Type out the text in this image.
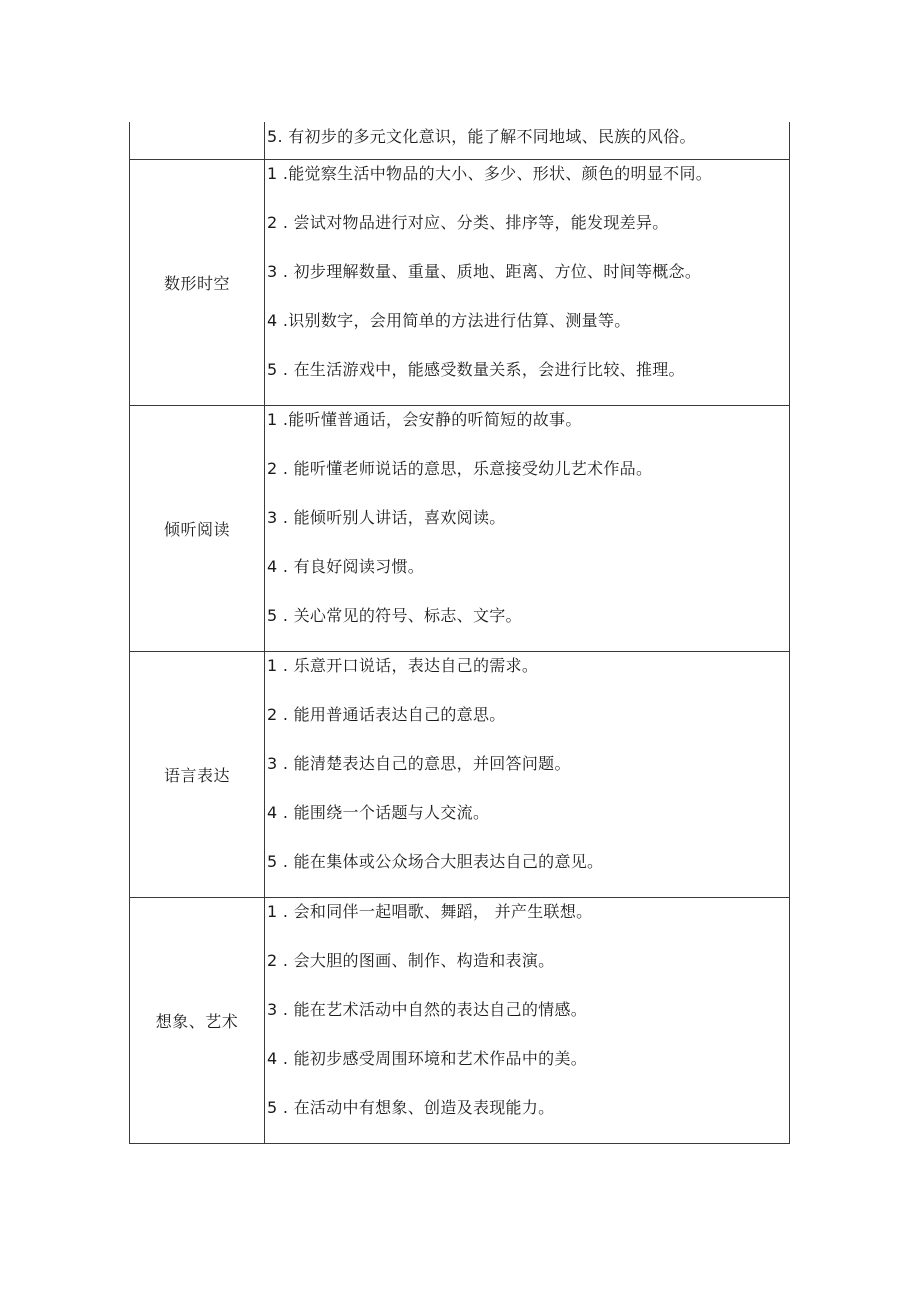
	5. 有初步的多元文化意识，能了解不同地域、民族的风俗。

数形时空	1 .能觉察生活中物品的大小、多少、形状、颜色的明显不同。
2 . 尝试对物品进行对应、分类、排序等，能发现差异。
3 . 初步理解数量、重量、质地、距离、方位、时间等概念。
4 .识别数字，会用简单的方法进行估算、测量等。
5 . 在生活游戏中，能感受数量关系，会进行比较、推理。

倾听阅读	1 .能听懂普通话，会安静的听简短的故事。
2 . 能听懂老师说话的意思，乐意接受幼儿艺术作品。
3 . 能倾听别人讲话，喜欢阅读。
4 . 有良好阅读习惯。
5 . 关心常见的符号、标志、文字。

语言表达	1 . 乐意开口说话，表达自己的需求。
2 . 能用普通话表达自己的意思。
3 . 能清楚表达自己的意思，并回答问题。
4 . 能围绕一个话题与人交流。
5 . 能在集体或公众场合大胆表达自己的意见。

想象、艺术	1 . 会和同伴一起唱歌、舞蹈， 并产生联想。
2 . 会大胆的图画、制作、构造和表演。
3 . 能在艺术活动中自然的表达自己的情感。
4 . 能初步感受周围环境和艺术作品中的美。
5 . 在活动中有想象、创造及表现能力。
